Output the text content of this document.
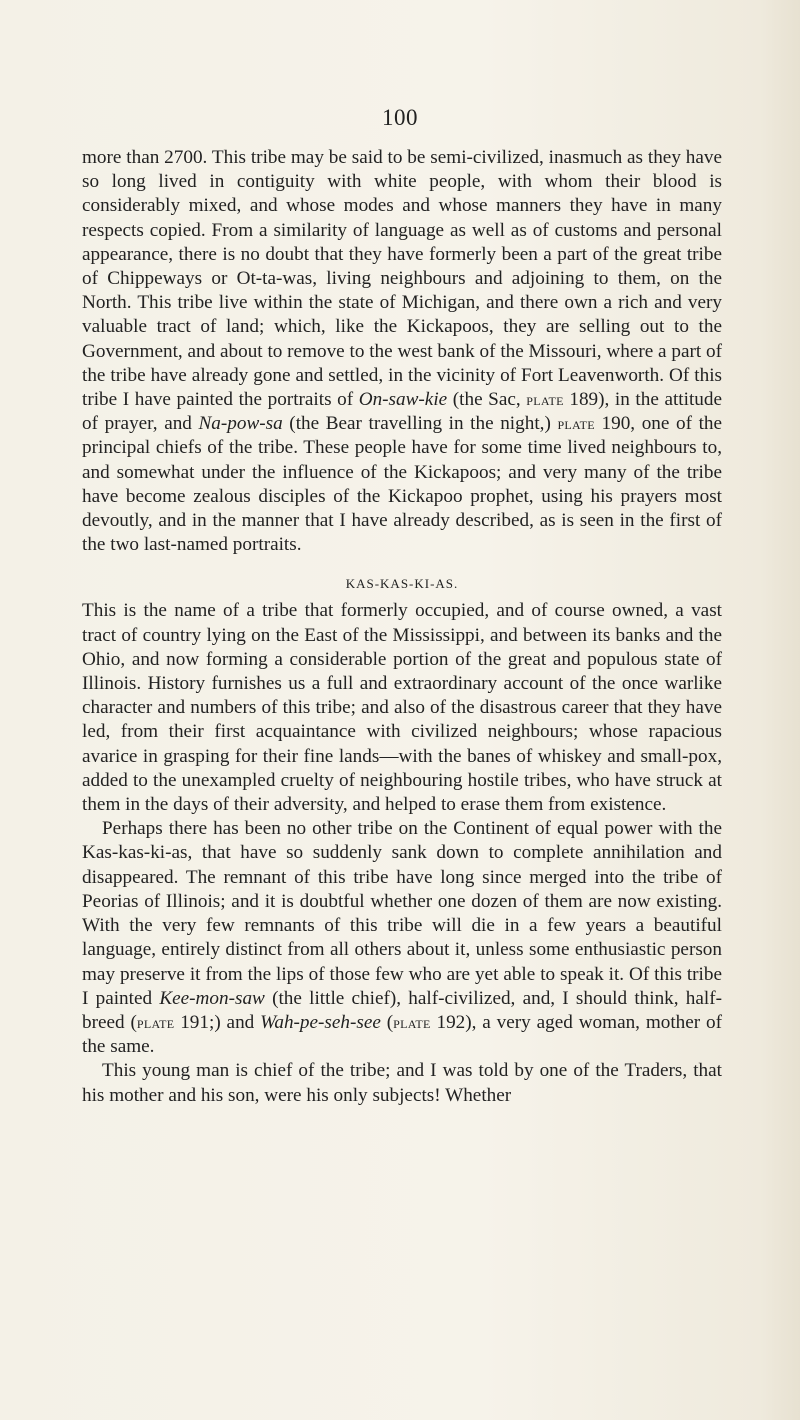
100

more than 2700. This tribe may be said to be semi-civilized, inasmuch as they have so long lived in contiguity with white people, with whom their blood is considerably mixed, and whose modes and whose manners they have in many respects copied. From a similarity of language as well as of customs and personal appearance, there is no doubt that they have formerly been a part of the great tribe of Chippeways or Ot-ta-was, living neighbours and adjoining to them, on the North. This tribe live within the state of Michigan, and there own a rich and very valuable tract of land; which, like the Kickapoos, they are selling out to the Government, and about to remove to the west bank of the Missouri, where a part of the tribe have already gone and settled, in the vicinity of Fort Leavenworth. Of this tribe I have painted the portraits of On-saw-kie (the Sac, plate 189), in the attitude of prayer, and Na-pow-sa (the Bear travelling in the night,) plate 190, one of the principal chiefs of the tribe. These people have for some time lived neighbours to, and somewhat under the influence of the Kickapoos; and very many of the tribe have become zealous disciples of the Kickapoo prophet, using his prayers most devoutly, and in the manner that I have already described, as is seen in the first of the two last-named portraits.

KAS-KAS-KI-AS.

This is the name of a tribe that formerly occupied, and of course owned, a vast tract of country lying on the East of the Mississippi, and between its banks and the Ohio, and now forming a considerable portion of the great and populous state of Illinois. History furnishes us a full and extraordinary account of the once warlike character and numbers of this tribe; and also of the disastrous career that they have led, from their first acquaintance with civilized neighbours; whose rapacious avarice in grasping for their fine lands—with the banes of whiskey and small-pox, added to the unexampled cruelty of neighbouring hostile tribes, who have struck at them in the days of their adversity, and helped to erase them from existence.

Perhaps there has been no other tribe on the Continent of equal power with the Kas-kas-ki-as, that have so suddenly sank down to complete annihilation and disappeared. The remnant of this tribe have long since merged into the tribe of Peorias of Illinois; and it is doubtful whether one dozen of them are now existing. With the very few remnants of this tribe will die in a few years a beautiful language, entirely distinct from all others about it, unless some enthusiastic person may preserve it from the lips of those few who are yet able to speak it. Of this tribe I painted Kee-mon-saw (the little chief), half-civilized, and, I should think, half-breed (plate 191;) and Wah-pe-seh-see (plate 192), a very aged woman, mother of the same.

This young man is chief of the tribe; and I was told by one of the Traders, that his mother and his son, were his only subjects! Whether
